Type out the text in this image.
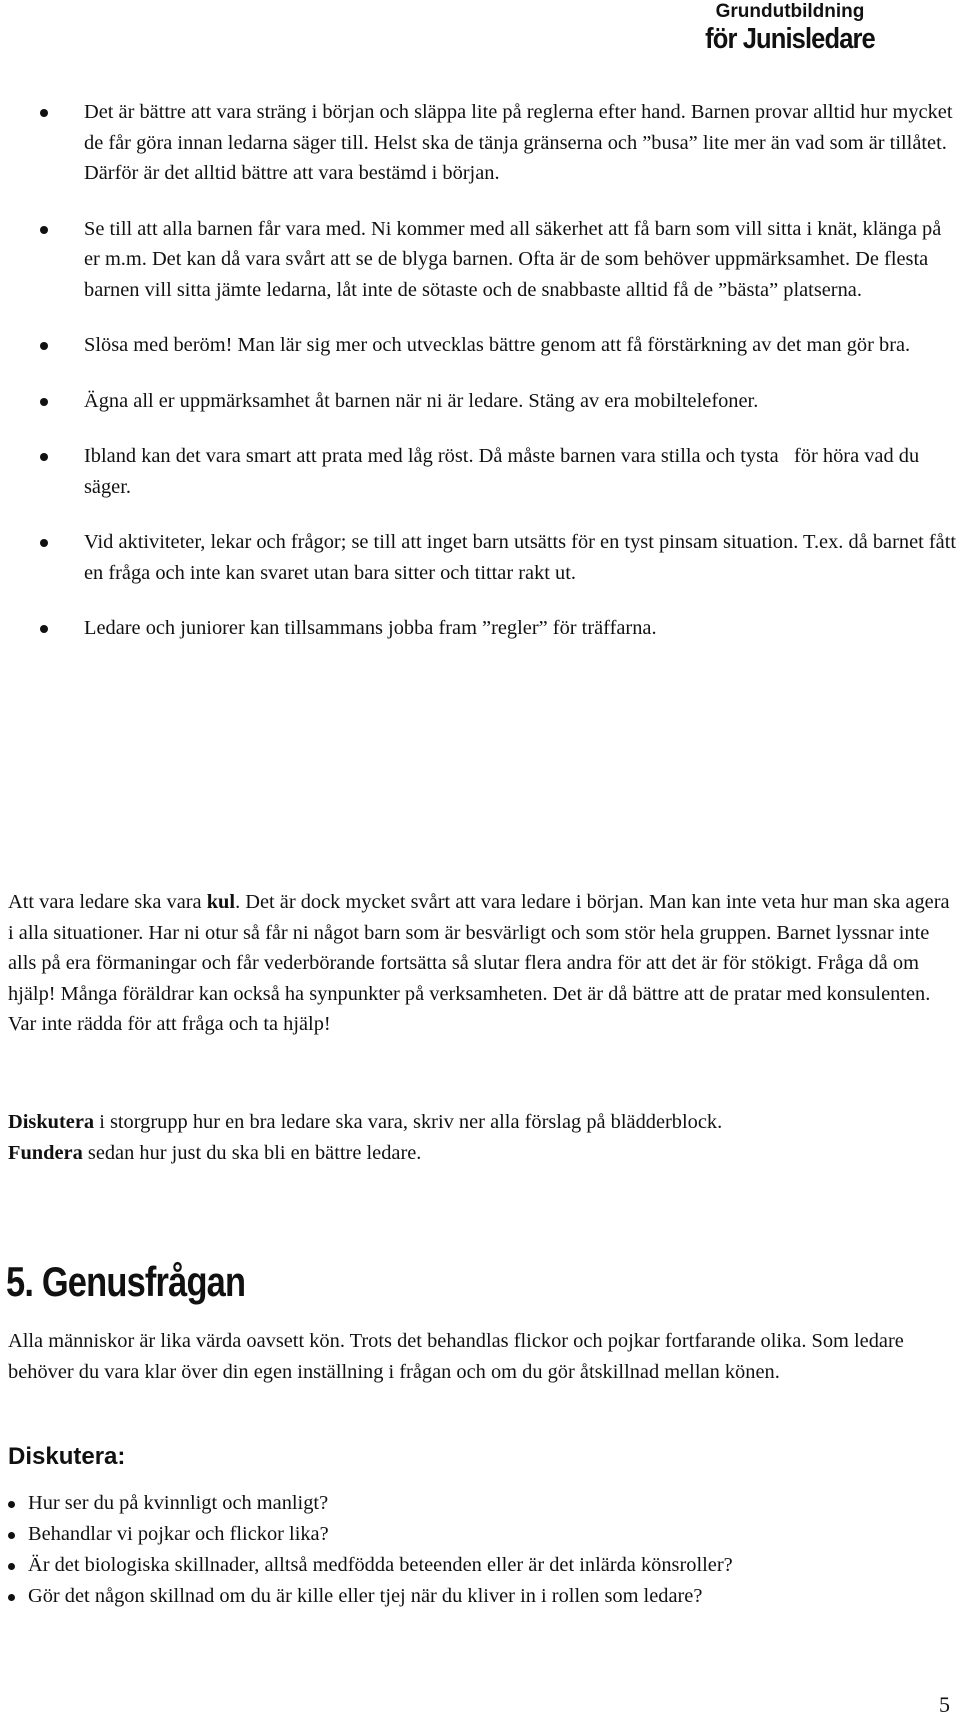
Grundutbildning
för Junisledare
Det är bättre att vara sträng i början och släppa lite på reglerna efter hand. Barnen provar alltid hur mycket de får göra innan ledarna säger till. Helst ska de tänja gränserna och ”busa” lite mer än vad som är tillåtet. Därför är det alltid bättre att vara bestämd i början.
Se till att alla barnen får vara med. Ni kommer med all säkerhet att få barn som vill sitta i knät, klänga på er m.m. Det kan då vara svårt att se de blyga barnen. Ofta är de som behöver uppmärksamhet. De flesta barnen vill sitta jämte ledarna, låt inte de sötaste och de snabbaste alltid få de ”bästa” platserna.
Slösa med beröm! Man lär sig mer och utvecklas bättre genom att få förstärkning av det man gör bra.
Ägna all er uppmärksamhet åt barnen när ni är ledare. Stäng av era mobiltelefoner.
Ibland kan det vara smart att prata med låg röst. Då måste barnen vara stilla och tysta   för höra vad du säger.
Vid aktiviteter, lekar och frågor; se till att inget barn utsätts för en tyst pinsam situation. T.ex. då barnet fått en fråga och inte kan svaret utan bara sitter och tittar rakt ut.
Ledare och juniorer kan tillsammans jobba fram ”regler” för träffarna.

Att vara ledare ska vara kul. Det är dock mycket svårt att vara ledare i början. Man kan inte veta hur man ska agera i alla situationer. Har ni otur så får ni något barn som är besvärligt och som stör hela gruppen. Barnet lyssnar inte alls på era förmaningar och får vederbörande fortsätta så slutar flera andra för att det är för stökigt. Fråga då om hjälp! Många föräldrar kan också ha synpunkter på verksamheten. Det är då bättre att de pratar med konsulenten. Var inte rädda för att fråga och ta hjälp!

Diskutera i storgrupp hur en bra ledare ska vara, skriv ner alla förslag på blädderblock.
Fundera sedan hur just du ska bli en bättre ledare.

5. Genusfrågan

Alla människor är lika värda oavsett kön. Trots det behandlas flickor och pojkar fortfarande olika. Som ledare behöver du vara klar över din egen inställning i frågan och om du gör åtskillnad mellan könen.

Diskutera:
Hur ser du på kvinnligt och manligt?
Behandlar vi pojkar och flickor lika?
Är det biologiska skillnader, alltså medfödda beteenden eller är det inlärda könsroller?
Gör det någon skillnad om du är kille eller tjej när du kliver in i rollen som ledare?
5
